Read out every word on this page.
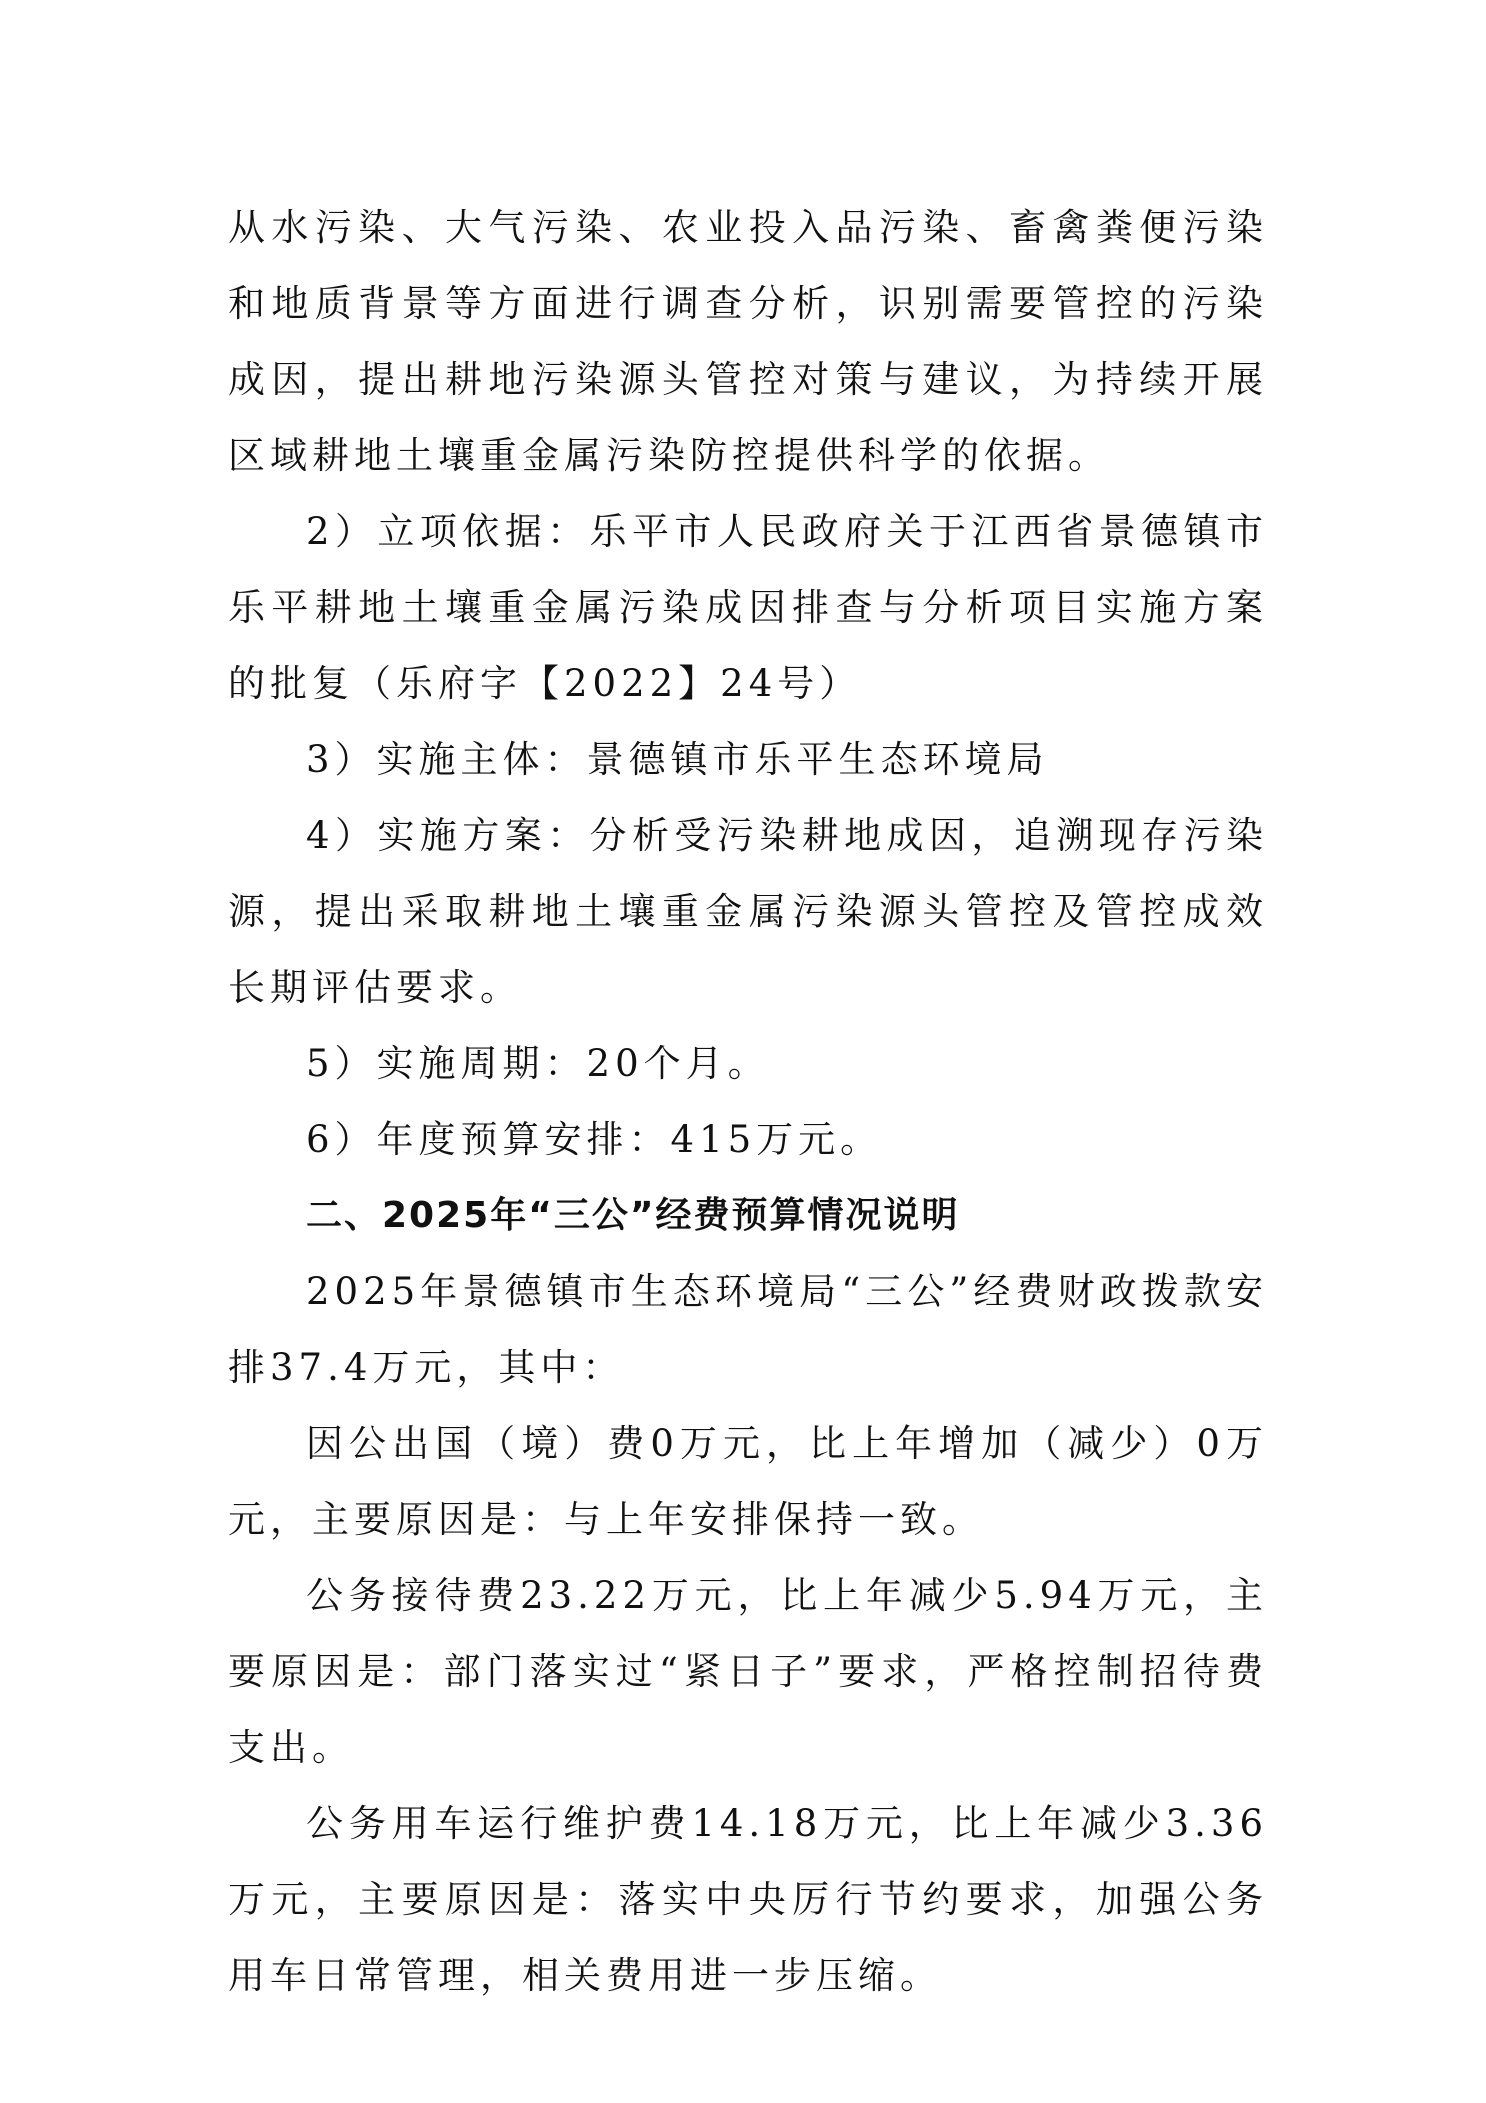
从水污染、大气污染、农业投入品污染、畜禽粪便污染和地质背景等方面进行调查分析，识别需要管控的污染成因，提出耕地污染源头管控对策与建议，为持续开展区域耕地土壤重金属污染防控提供科学的依据。

2）立项依据：乐平市人民政府关于江西省景德镇市乐平耕地土壤重金属污染成因排查与分析项目实施方案的批复（乐府字【2022】24号）

3）实施主体：景德镇市乐平生态环境局

4）实施方案：分析受污染耕地成因，追溯现存污染源，提出采取耕地土壤重金属污染源头管控及管控成效长期评估要求。

5）实施周期：20个月。

6）年度预算安排：415万元。

二、2025年“三公”经费预算情况说明

2025年景德镇市生态环境局“三公”经费财政拨款安排37.4万元，其中：

因公出国（境）费0万元，比上年增加（减少）0万元，主要原因是：与上年安排保持一致。

公务接待费23.22万元，比上年减少5.94万元，主要原因是：部门落实过“紧日子”要求，严格控制招待费支出。

公务用车运行维护费14.18万元，比上年减少3.36万元，主要原因是：落实中央厉行节约要求，加强公务用车日常管理，相关费用进一步压缩。
